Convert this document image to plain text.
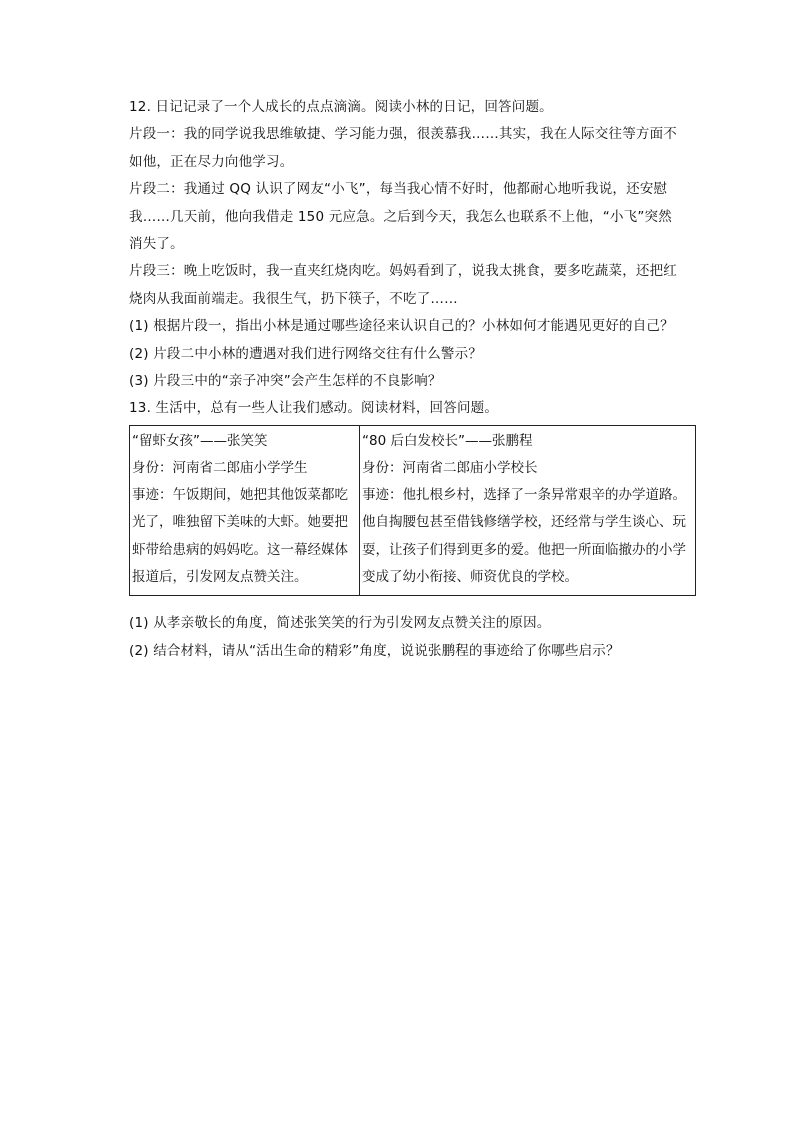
12. 日记记录了一个人成长的点点滴滴。阅读小林的日记，回答问题。
片段一：我的同学说我思维敏捷、学习能力强，很羡慕我……其实，我在人际交往等方面不
如他，正在尽力向他学习。
片段二：我通过 QQ 认识了网友“小飞”，每当我心情不好时，他都耐心地听我说，还安慰
我……几天前，他向我借走 150 元应急。之后到今天，我怎么也联系不上他，“小飞”突然
消失了。
片段三：晚上吃饭时，我一直夹红烧肉吃。妈妈看到了，说我太挑食，要多吃蔬菜，还把红
烧肉从我面前端走。我很生气，扔下筷子，不吃了……
(1) 根据片段一，指出小林是通过哪些途径来认识自己的？小林如何才能遇见更好的自己？
(2) 片段二中小林的遭遇对我们进行网络交往有什么警示？
(3) 片段三中的“亲子冲突”会产生怎样的不良影响？
13. 生活中，总有一些人让我们感动。阅读材料，回答问题。
“留虾女孩”——张笑笑
身份：河南省二郎庙小学学生
事迹：午饭期间，她把其他饭菜都吃
光了，唯独留下美味的大虾。她要把
虾带给患病的妈妈吃。这一幕经媒体
报道后，引发网友点赞关注。

“80 后白发校长”——张鹏程
身份：河南省二郎庙小学校长
事迹：他扎根乡村，选择了一条异常艰辛的办学道路。
他自掏腰包甚至借钱修缮学校，还经常与学生谈心、玩
耍，让孩子们得到更多的爱。他把一所面临撤办的小学
变成了幼小衔接、师资优良的学校。
(1) 从孝亲敬长的角度，简述张笑笑的行为引发网友点赞关注的原因。
(2) 结合材料，请从“活出生命的精彩”角度，说说张鹏程的事迹给了你哪些启示？
